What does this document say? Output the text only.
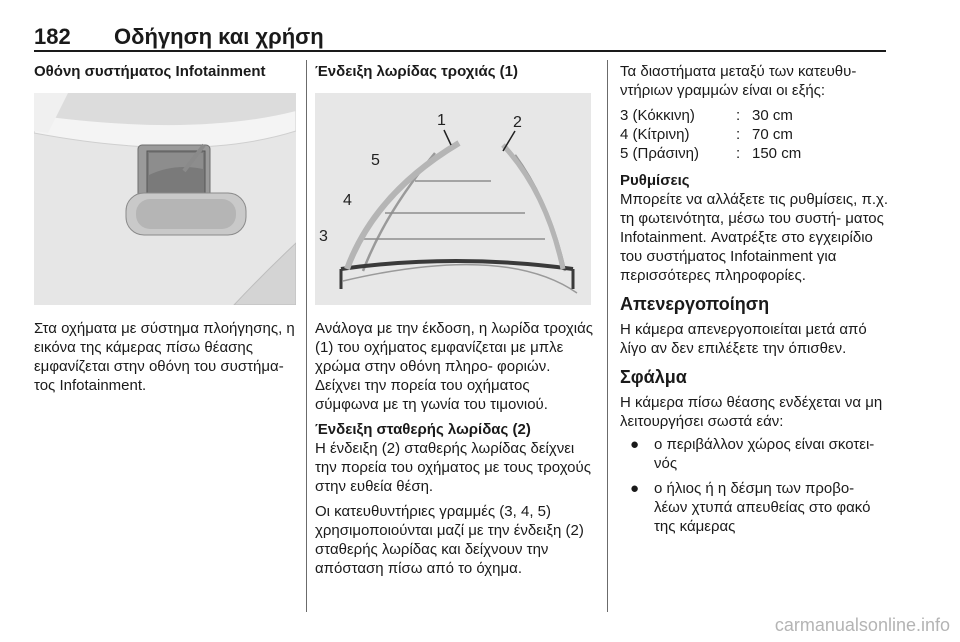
182 Οδήγηση και χρήση
Οθόνη συστήματος Infotainment

Στα οχήματα με σύστημα πλοήγησης, η εικόνα της κάμερας πίσω θέασης εμφανίζεται στην οθόνη του συστήμα- τος Infotainment.

Ένδειξη λωρίδας τροχιάς (1)
1	2
3
4
5

Ανάλογα με την έκδοση, η λωρίδα τροχιάς (1) του οχήματος εμφανίζεται με μπλε χρώμα στην οθόνη πληρο- φοριών. Δείχνει την πορεία του οχήματος σύμφωνα με τη γωνία του τιμονιού.

Ένδειξη σταθερής λωρίδας (2)

Η ένδειξη (2) σταθερής λωρίδας δείχνει την πορεία του οχήματος με τους τροχούς στην ευθεία θέση.

Οι κατευθυντήριες γραμμές (3, 4, 5) χρησιμοποιούνται μαζί με την ένδειξη (2) σταθερής λωρίδας και δείχνουν την απόσταση πίσω από το όχημα.

Τα διαστήματα μεταξύ των κατευθυ- ντήριων γραμμών είναι οι εξής:

3 (Κόκκινη)	:	30 cm
4 (Κίτρινη)	:	70 cm
5 (Πράσινη)	:	150 cm
Ρυθμίσεις

Μπορείτε να αλλάξετε τις ρυθμίσεις, π.χ. τη φωτεινότητα, μέσω του συστή- ματος Infotainment. Ανατρέξτε στο εγχειρίδιο του συστήματος Infotainment για περισσότερες πληροφορίες.

Απενεργοποίηση

Η κάμερα απενεργοποιείται μετά από λίγο αν δεν επιλέξετε την όπισθεν.

Σφάλμα

Η κάμερα πίσω θέασης ενδέχεται να μη λειτουργήσει σωστά εάν:

● ο περιβάλλον χώρος είναι σκοτει- νός
● ο ήλιος ή η δέσμη των προβο- λέων χτυπά απευθείας στο φακό της κάμερας
carmanualsonline.info
